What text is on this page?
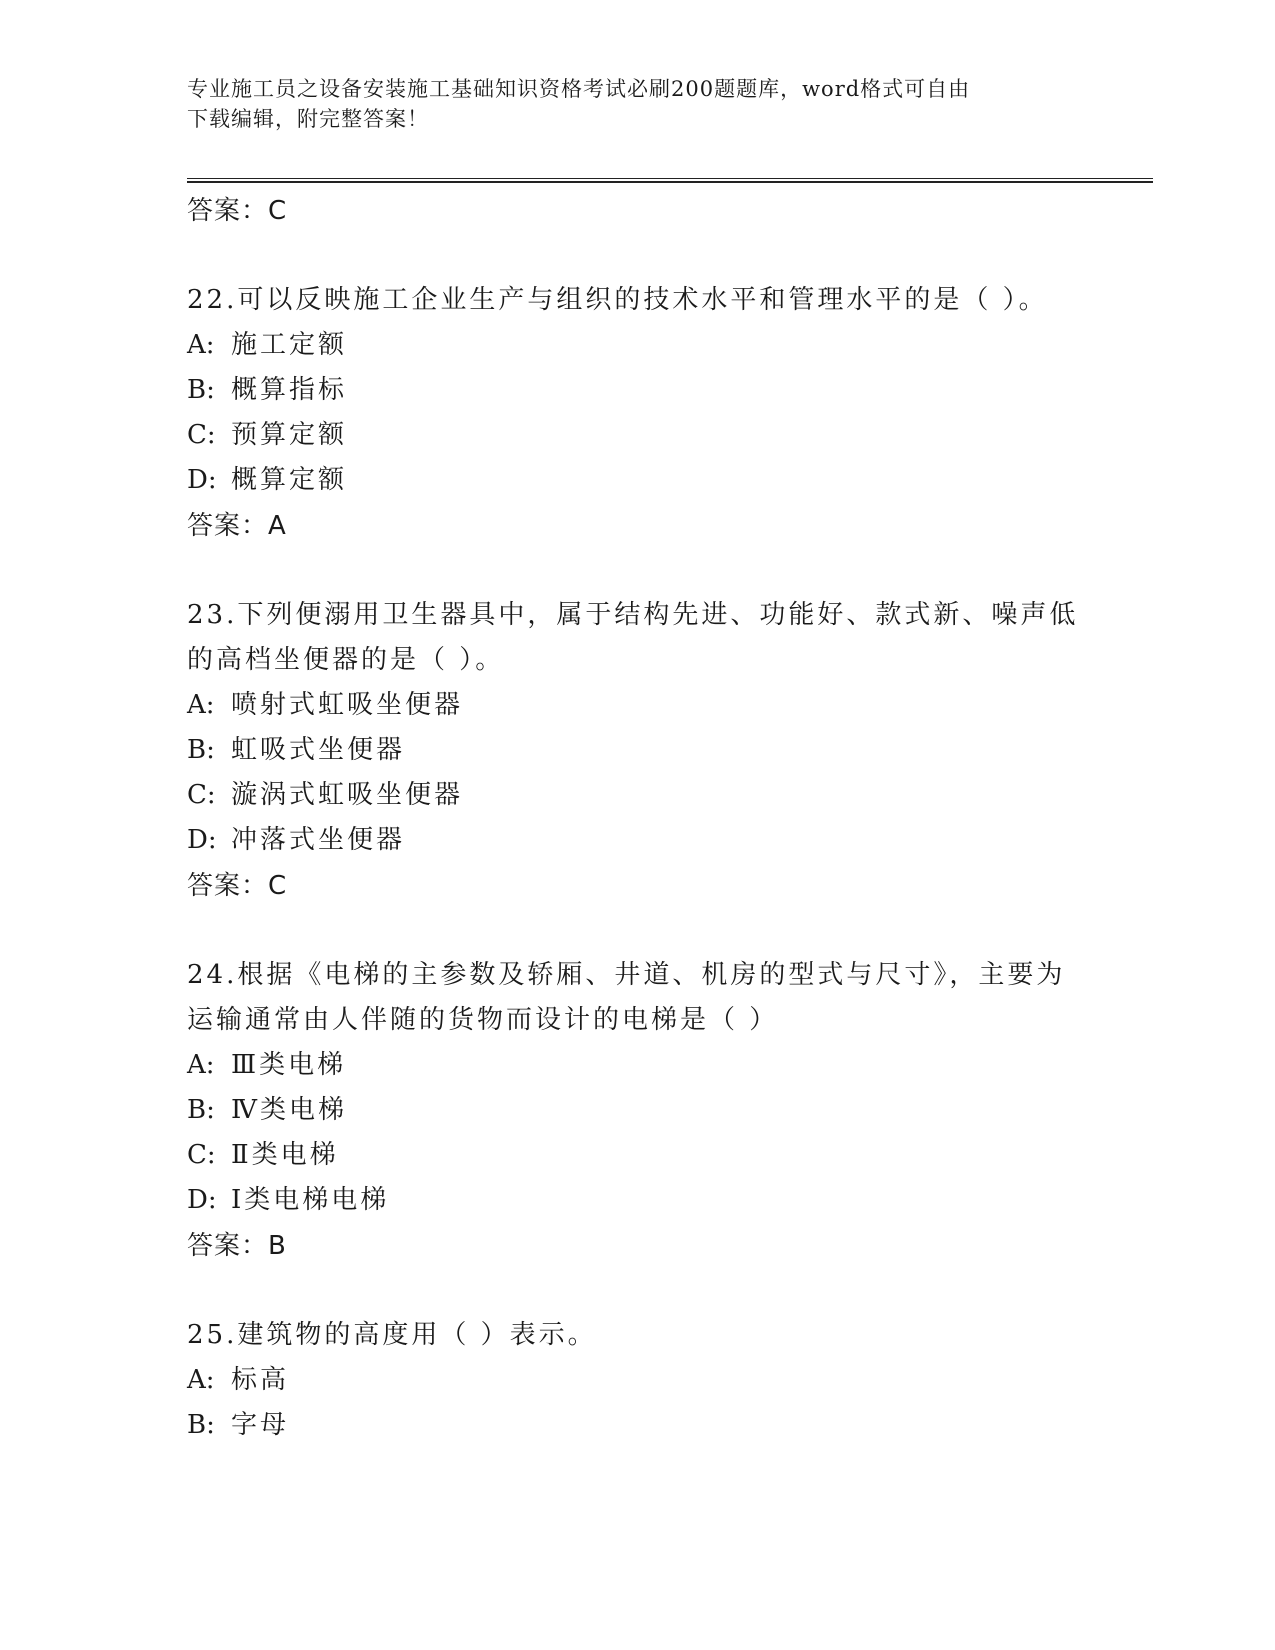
专业施工员之设备安装施工基础知识资格考试必刷200题题库，word格式可自由
下载编辑，附完整答案！
答案：C
22.可以反映施工企业生产与组织的技术水平和管理水平的是（ ）。
A: 施工定额
B: 概算指标
C: 预算定额
D: 概算定额
答案：A
23.下列便溺用卫生器具中，属于结构先进、功能好、款式新、噪声低
的高档坐便器的是（ ）。
A: 喷射式虹吸坐便器
B: 虹吸式坐便器
C: 漩涡式虹吸坐便器
D: 冲落式坐便器
答案：C
24.根据《电梯的主参数及轿厢、井道、机房的型式与尺寸》，主要为
运输通常由人伴随的货物而设计的电梯是（ ）
A: Ⅲ类电梯
B: Ⅳ类电梯
C: Ⅱ类电梯
D: Ⅰ类电梯电梯
答案：B
25.建筑物的高度用（ ）表示。
A: 标高
B: 字母
